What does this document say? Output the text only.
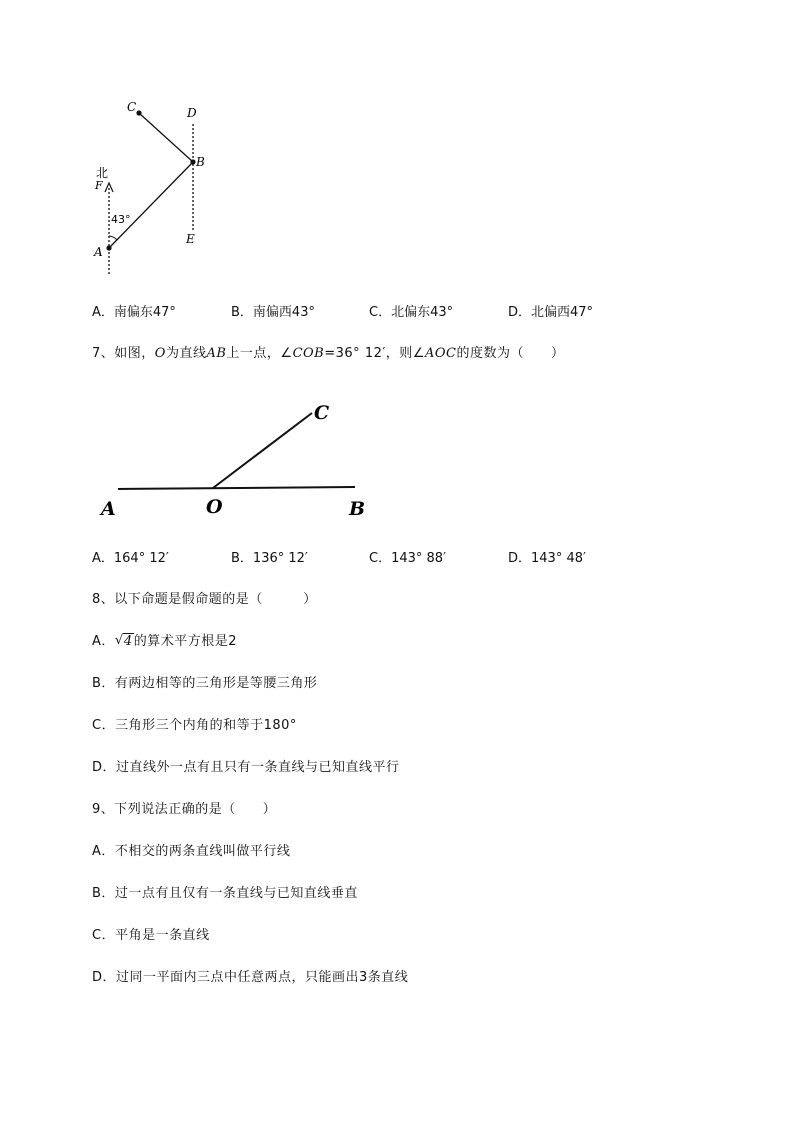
C	D
B
北
F
43°
E
A
A	O	B
C
A．南偏东47°	B．南偏西43°	C．北偏东43°	D．北偏西47°
7、如图，O为直线AB上一点，∠COB=36° 12′，则∠AOC的度数为（　　）
A．164° 12′	B．136° 12′	C．143° 88′	D．143° 48′
8、以下命题是假命题的是（　　　）
A．√ 4的算术平方根是2
B．有两边相等的三角形是等腰三角形
C．三角形三个内角的和等于180°
D．过直线外一点有且只有一条直线与已知直线平行
9、下列说法正确的是（　　）
A．不相交的两条直线叫做平行线
B．过一点有且仅有一条直线与已知直线垂直
C．平角是一条直线
D．过同一平面内三点中任意两点，只能画出3条直线
